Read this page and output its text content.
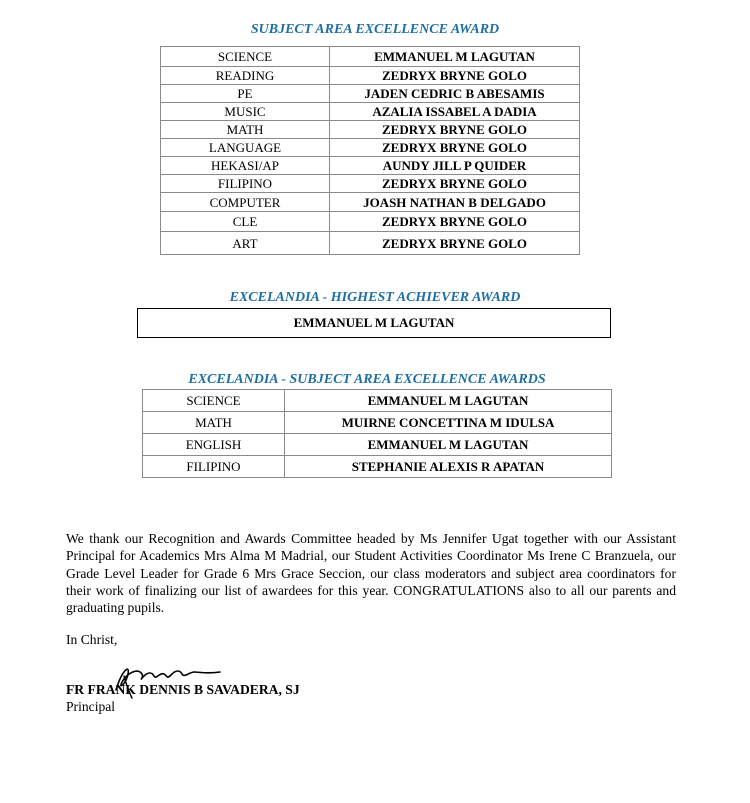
SUBJECT AREA EXCELLENCE AWARD
SCIENCE	EMMANUEL M LAGUTAN
READING	ZEDRYX BRYNE GOLO
PE	JADEN CEDRIC B ABESAMIS
MUSIC	AZALIA ISSABEL A DADIA
MATH	ZEDRYX BRYNE GOLO
LANGUAGE	ZEDRYX BRYNE GOLO
HEKASI/AP	AUNDY JILL P QUIDER
FILIPINO	ZEDRYX BRYNE GOLO
COMPUTER	JOASH NATHAN B DELGADO
CLE	ZEDRYX BRYNE GOLO
ART	ZEDRYX BRYNE GOLO
EXCELANDIA - HIGHEST ACHIEVER AWARD
EMMANUEL M LAGUTAN
EXCELANDIA - SUBJECT AREA EXCELLENCE AWARDS
SCIENCE	EMMANUEL M LAGUTAN
MATH	MUIRNE CONCETTINA M IDULSA
ENGLISH	EMMANUEL M LAGUTAN
FILIPINO	STEPHANIE ALEXIS R APATAN
We thank our Recognition and Awards Committee headed by Ms Jennifer Ugat together with our Assistant Principal for Academics Mrs Alma M Madrial, our Student Activities Coordinator Ms Irene C Branzuela, our Grade Level Leader for Grade 6 Mrs Grace Seccion, our class moderators and subject area coordinators for their work of finalizing our list of awardees for this year. CONGRATULATIONS also to all our parents and graduating pupils.
In Christ,
FR FRANK DENNIS B SAVADERA, SJ
Principal
